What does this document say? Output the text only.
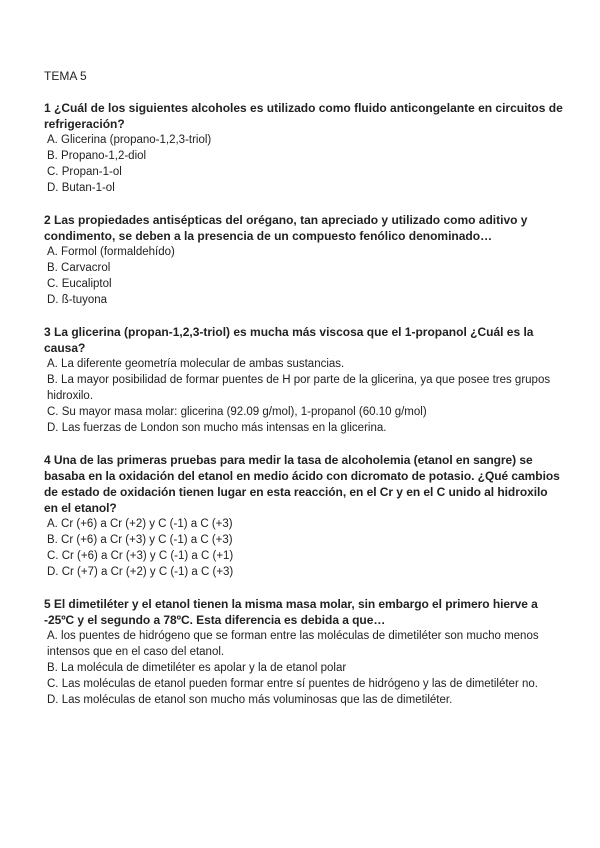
TEMA 5

1 ¿Cuál de los siguientes alcoholes es utilizado como fluido anticongelante en circuitos de refrigeración?

A. Glicerina (propano-1,2,3-triol)
B. Propano-1,2-diol
C. Propan-1-ol
D. Butan-1-ol

2 Las propiedades antisépticas del orégano, tan apreciado y utilizado como aditivo y condimento, se deben a la presencia de un compuesto fenólico denominado…

A. Formol (formaldehído)
B. Carvacrol
C. Eucaliptol
D. ß-tuyona

3 La glicerina (propan-1,2,3-triol) es mucha más viscosa que el 1-propanol ¿Cuál es la causa?

A. La diferente geometría molecular de ambas sustancias.
B. La mayor posibilidad de formar puentes de H por parte de la glicerina, ya que posee tres grupos hidroxilo.
C. Su mayor masa molar: glicerina (92.09 g/mol), 1-propanol (60.10 g/mol)
D. Las fuerzas de London son mucho más intensas en la glicerina.

4 Una de las primeras pruebas para medir la tasa de alcoholemia (etanol en sangre) se basaba en la oxidación del etanol en medio ácido con dicromato de potasio. ¿Qué cambios de estado de oxidación tienen lugar en esta reacción, en el Cr y en el C unido al hidroxilo en el etanol?

A. Cr (+6) a Cr (+2) y C (-1) a C (+3)
B. Cr (+6) a Cr (+3) y C (-1) a C (+3)
C. Cr (+6) a Cr (+3) y C (-1) a C (+1)
D. Cr (+7) a Cr (+2) y C (-1) a C (+3)

5 El dimetiléter y el etanol tienen la misma masa molar, sin embargo el primero hierve a -25ºC y el segundo a 78ºC. Esta diferencia es debida a que…

A. los puentes de hidrógeno que se forman entre las moléculas de dimetiléter son mucho menos intensos que en el caso del etanol.
B. La molécula de dimetiléter es apolar y la de etanol polar
C. Las moléculas de etanol pueden formar entre sí puentes de hidrógeno y las de dimetiléter no.
D. Las moléculas de etanol son mucho más voluminosas que las de dimetiléter.
